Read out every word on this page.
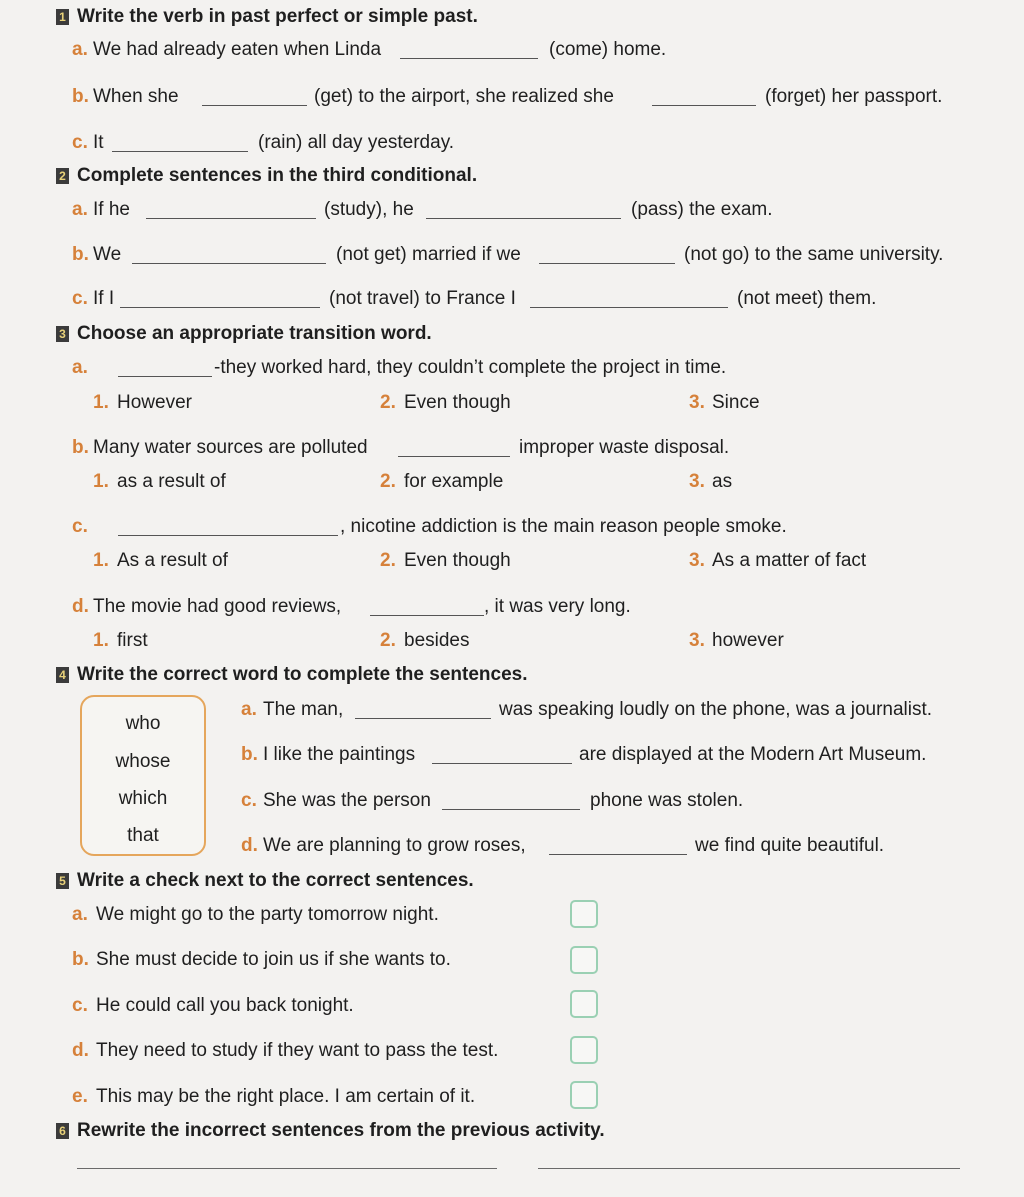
1 Write the verb in past perfect or simple past.
a. We had already eaten when Linda	(come) home.
b. When she	(get) to the airport, she realized she	(forget) her passport.
c. It	(rain) all day yesterday.
2 Complete sentences in the third conditional.
a. If he	(study), he	(pass) the exam.
b. We	(not get) married if we	(not go) to the same university.
c. If I	(not travel) to France I	(not meet) them.
3 Choose an appropriate transition word.
a.	-they worked hard, they couldn’t complete the project in time.
1. However	2. Even though	3. Since
b. Many water sources are polluted	improper waste disposal.
1. as a result of	2. for example	3. as
c.	, nicotine addiction is the main reason people smoke.
1. As a result of	2. Even though	3. As a matter of fact
d. The movie had good reviews,	, it was very long.
1. first	2. besides	3. however
4 Write the correct word to complete the sentences.
who
whose
which
that
a. The man,	was speaking loudly on the phone, was a journalist.
b. I like the paintings	are displayed at the Modern Art Museum.
c. She was the person	phone was stolen.
d. We are planning to grow roses,	we find quite beautiful.
5 Write a check next to the correct sentences.
a. We might go to the party tomorrow night.
b. She must decide to join us if she wants to.
c. He could call you back tonight.
d. They need to study if they want to pass the test.
e. This may be the right place. I am certain of it.
6 Rewrite the incorrect sentences from the previous activity.
